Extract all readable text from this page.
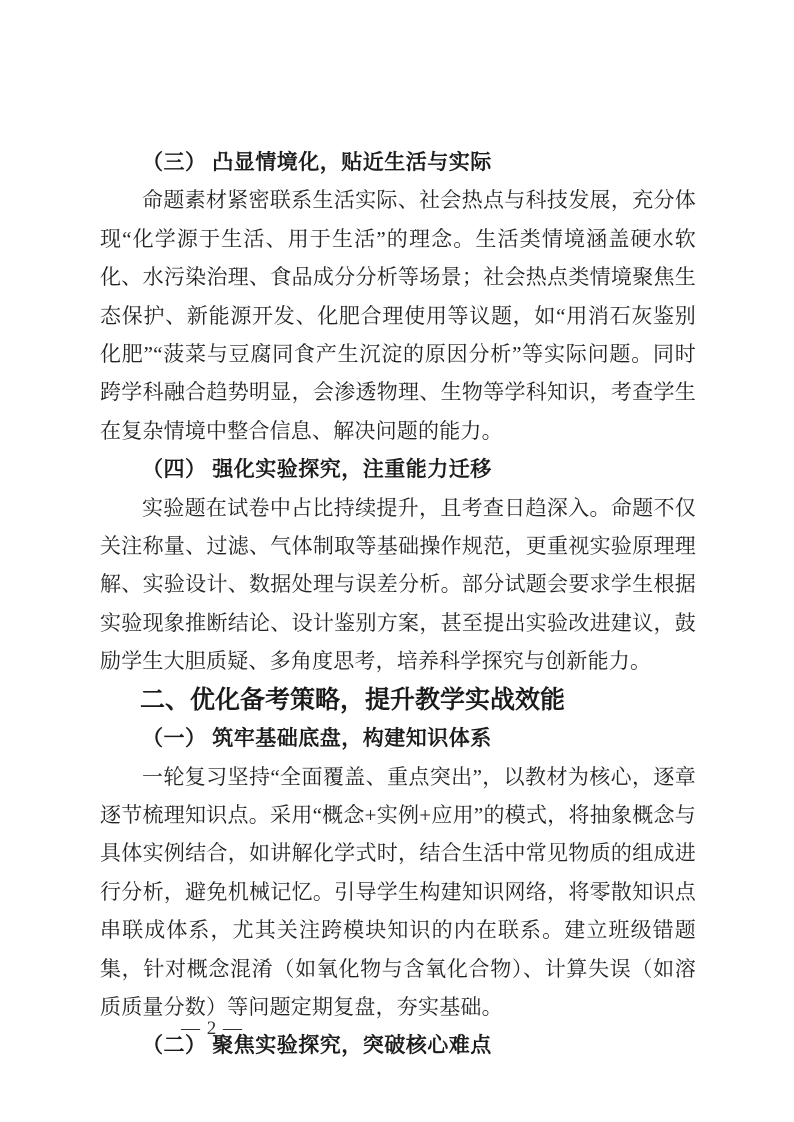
（三） 凸显情境化，贴近生活与实际

命题素材紧密联系生活实际、社会热点与科技发展，充分体现“化学源于生活、用于生活”的理念。生活类情境涵盖硬水软化、水污染治理、食品成分分析等场景；社会热点类情境聚焦生态保护、新能源开发、化肥合理使用等议题，如“用消石灰鉴别化肥”“菠菜与豆腐同食产生沉淀的原因分析”等实际问题。同时跨学科融合趋势明显，会渗透物理、生物等学科知识，考查学生在复杂情境中整合信息、解决问题的能力。

（四） 强化实验探究，注重能力迁移

实验题在试卷中占比持续提升，且考查日趋深入。命题不仅关注称量、过滤、气体制取等基础操作规范，更重视实验原理理解、实验设计、数据处理与误差分析。部分试题会要求学生根据实验现象推断结论、设计鉴别方案，甚至提出实验改进建议，鼓励学生大胆质疑、多角度思考，培养科学探究与创新能力。

二、优化备考策略，提升教学实战效能
（一） 筑牢基础底盘，构建知识体系

一轮复习坚持“全面覆盖、重点突出”，以教材为核心，逐章逐节梳理知识点。采用“概念+实例+应用”的模式，将抽象概念与具体实例结合，如讲解化学式时，结合生活中常见物质的组成进行分析，避免机械记忆。引导学生构建知识网络，将零散知识点串联成体系，尤其关注跨模块知识的内在联系。建立班级错题集，针对概念混淆（如氧化物与含氧化合物）、计算失误（如溶质质量分数）等问题定期复盘，夯实基础。

（二） 聚焦实验探究，突破核心难点
— 2 —
